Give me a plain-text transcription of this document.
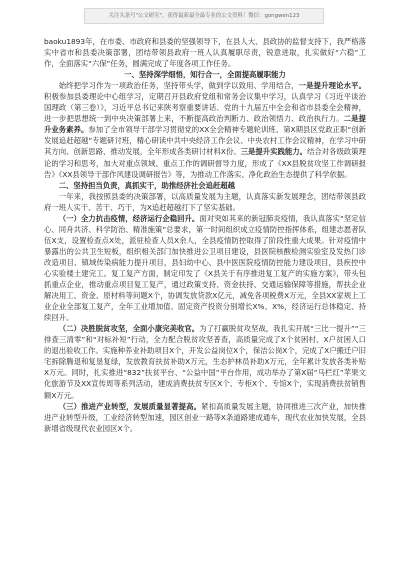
关注头条号"公文研究"，获得最新最全最专业的公文资料！微信：gongwen123

baoku1893年，在市委、市政府和县委的坚强领导下，在县人大、县政协的监督支持下，我严格落实中省市和县委决策部署，团结带领县政府一班人认真履职尽责，锐意进取，扎实做好“六稳”工作，全面落实“六保”任务，圆满完成了年度各项工作任务。

一、坚持深学细悟，知行合一，全面提高履职能力

始终把学习作为一项政治任务，坚持带头学，做到学以致用、学用结合，一是提升理论水平。积极参加县委理论中心组学习，定期召开县政府党组和常务会议集中学习，认真学习《习近平谈治国理政（第三卷）》，习近平总书记来陕考察重要讲话、党的十九届五中全会和省市县委全会精神，进一步把思想统一到中央决策部署上来，不断提高政治判断力、政治领悟力、政治执行力。二是提升业务素养。参加了全市领导干部学习贯彻党的XX全会精神专题轮训班、第X期县区党政正职“创新发展追赶超越”专题研讨班，精心研读中共中央经济工作会议、中央农村工作会议精神，在学习中研其方向、创新思路、推动发展，全年形成各类研讨材料X份。三是提升实践能力。结合对各级政策理论的学习和思考，加大对重点领域、重点工作的调研督导力度，形成了《XX县脱贫攻坚工作调研报告》《XX县领导干部作风建设调研报告》等，为推动工作落实、净化政治生态提供了科学依据。

二、坚持担当负责，真抓实干，助推经济社会追赶超越

一年来，我按照县委的决策部署，以高质量发展为主题，认真落实新发展理念，团结带领县政府一班人实干、苦干、巧干，为X追赶超越打下了坚实基础。

（一）全力抗击疫情，经济运行企稳回升。面对突如其来的新冠肺炎疫情，我认真落实“坚定信心、同舟共济、科学防治、精准施策”总要求，第一时间组织成立疫情防控指挥体系，组建志愿者队伍X支，设置检查点X处，派驻检查人员X余人，全县疫情防控取得了阶段性重大成果。针对疫情中暴露出的公共卫生短板，组织相关部门加快推进公卫项目建设，县医院核酸检测实验室及发热门诊改造项目、镇域传染病能力提升项目，县妇幼中心、县中医医院疫情防控能力建设项目，县疾控中心实验楼土建完工。复工复产方面，制定印发了《X县关于有序推进复工复产的实施方案》，带头包抓重点企业，推动重点项目复工复产，通过政策支持、资金扶持、交通运输保障等措施，帮扶企业解决用工、资金、原材料等问题X个，协调发放贷款X亿元，减免各项税费X万元，全县XX家规上工业企业全部复工复产，全年工业增加值、固定资产投资分别增长X%、X%，经济运行总体稳定、持续回升。

（二）决胜脱贫攻坚，全面小康完美收官。为了打赢脱贫攻坚战，我扎实开展“三比一提升”“三排查三清零”和“对标补短”行动，全力配合脱贫攻坚普查，高质量完成了X个贫困村、X户贫困人口的退出验收工作。实施种养业补助项目X个，开发公益岗位X个，保洁公岗X个，完成了X户搬迁户旧宅拆除腾退和复垦复绿，发放教育扶贫补助X万元，生态护林员补助X万元，全年累计发放各类补贴X万元。同时，扎实推进“832”扶贫平台、“公益中国”平台作用，成功举办了第X届“马栏红”苹果文化旅游节及XX宣传周等系列活动，建成消费扶贫专区X个、专柜X个、专馆X个，实现消费扶贫销售额X万元。

（三）推进产业转型，发展质量显著提高。紧扣高质量发展主题，协同推进三次产业，加快推进产业转型升级，工业经济转型加速，园区创业一路等X条道路建成通车，现代农业加快发展，全县新增省级现代农业园区X个。
